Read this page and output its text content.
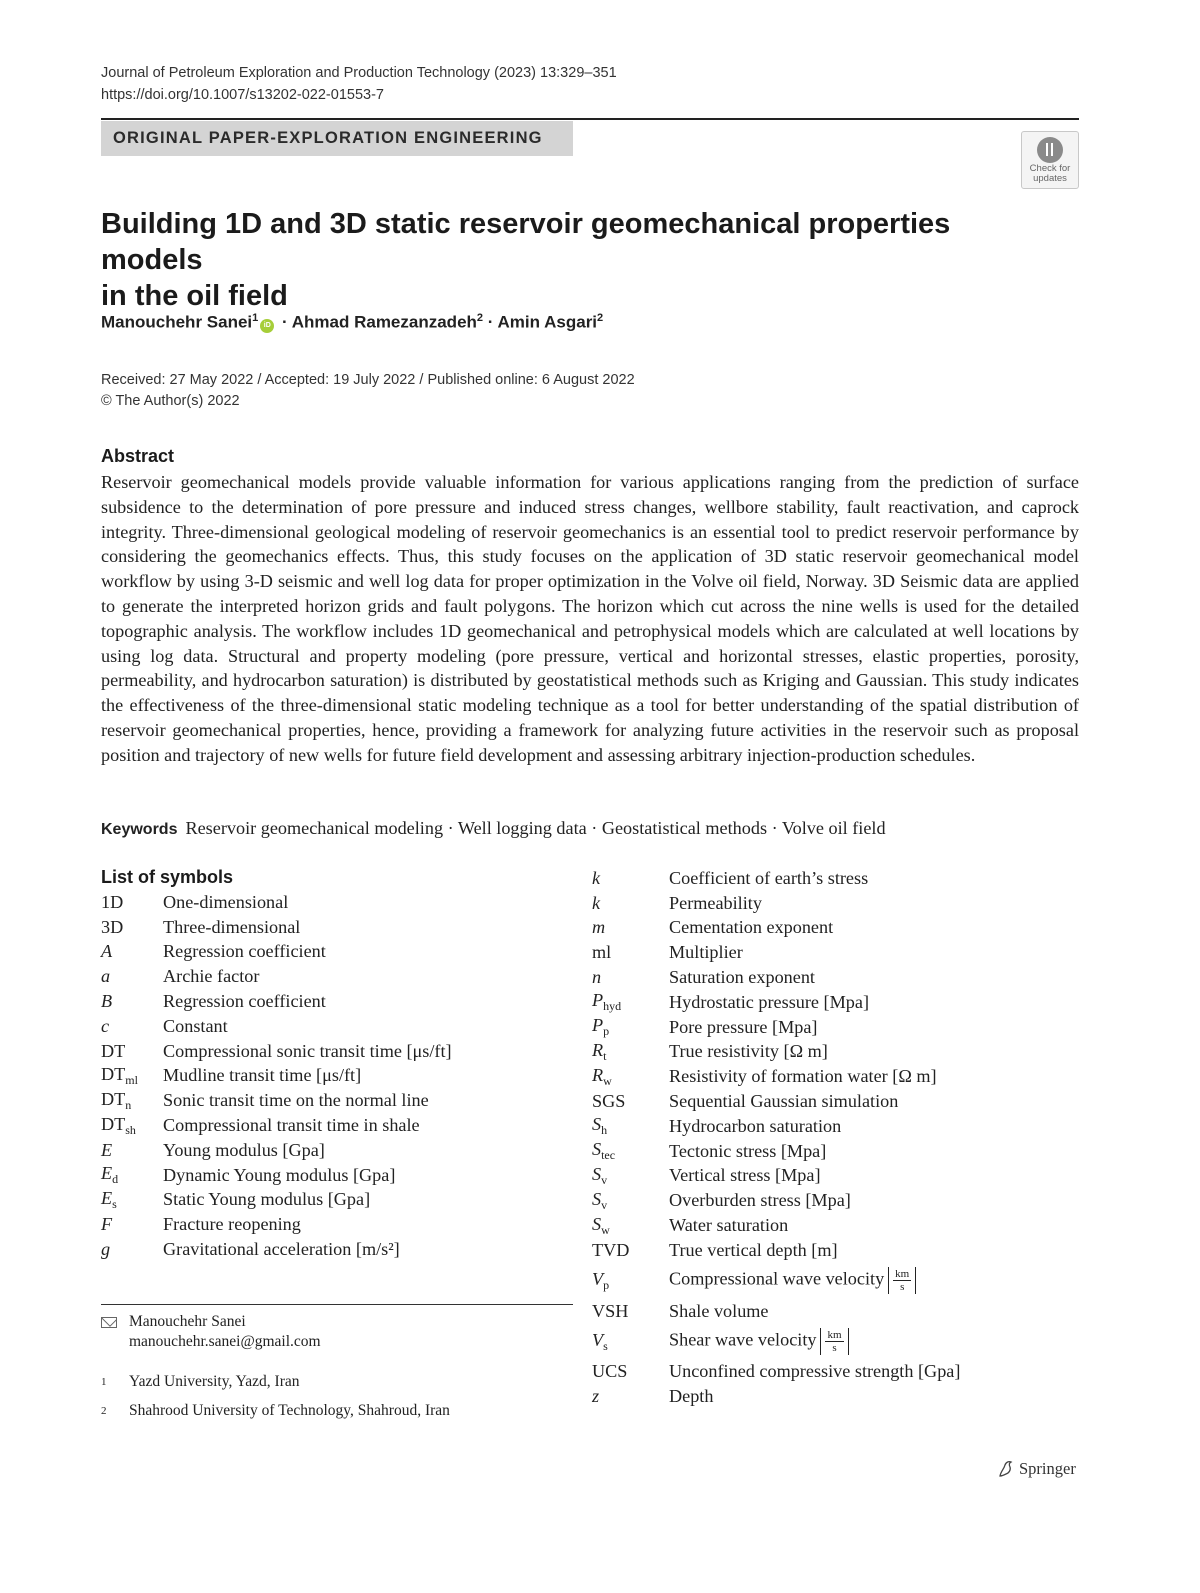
Journal of Petroleum Exploration and Production Technology (2023) 13:329–351
https://doi.org/10.1007/s13202-022-01553-7
ORIGINAL PAPER-EXPLORATION ENGINEERING
Check for
updates
Building 1D and 3D static reservoir geomechanical properties models
in the oil field
Manouchehr Sanei$^1$iD · Ahmad Ramezanzadeh$^2$ · Amin Asgari$^2$
Received: 27 May 2022 / Accepted: 19 July 2022 / Published online: 6 August 2022
© The Author(s) 2022
Abstract

Reservoir geomechanical models provide valuable information for various applications ranging from the prediction of surface subsidence to the determination of pore pressure and induced stress changes, wellbore stability, fault reactivation, and caprock integrity. Three-dimensional geological modeling of reservoir geomechanics is an essential tool to predict reservoir performance by considering the geomechanics effects. Thus, this study focuses on the application of 3D static reservoir geomechanical model workflow by using 3-D seismic and well log data for proper optimization in the Volve oil field, Norway. 3D Seismic data are applied to generate the interpreted horizon grids and fault polygons. The horizon which cut across the nine wells is used for the detailed topographic analysis. The workflow includes 1D geomechanical and petrophysical models which are calculated at well locations by using log data. Structural and property modeling (pore pressure, vertical and horizontal stresses, elastic properties, porosity, permeability, and hydrocarbon saturation) is distributed by geostatistical methods such as Kriging and Gaussian. This study indicates the effectiveness of the three-dimensional static modeling technique as a tool for better understanding of the spatial distribution of reservoir geomechanical properties, hence, providing a framework for analyzing future activities in the reservoir such as proposal position and trajectory of new wells for future field development and assessing arbitrary injection-production schedules.

Keywords Reservoir geomechanical modeling · Well logging data · Geostatistical methods · Volve oil field
List of symbols
1D	One-dimensional
3D	Three-dimensional
A	Regression coefficient
a	Archie factor
B	Regression coefficient
c	Constant
DT	Compressional sonic transit time [μs/ft]
$DT_{ml}$	Mudline transit time [μs/ft]
$DT_n$	Sonic transit time on the normal line
$DT_{sh}$	Compressional transit time in shale
E	Young modulus [Gpa]
$E_d$	Dynamic Young modulus [Gpa]
$E_s$	Static Young modulus [Gpa]
F	Fracture reopening
g	Gravitational acceleration [m/s²]
k	Coefficient of earth’s stress
k	Permeability
m	Cementation exponent
ml	Multiplier
n	Saturation exponent
$P_{hyd}$	Hydrostatic pressure [Mpa]
$P_p$	Pore pressure [Mpa]
$R_t$	True resistivity [Ω m]
$R_w$	Resistivity of formation water [Ω m]
SGS	Sequential Gaussian simulation
$S_h$	Hydrocarbon saturation
$S_{tec}$	Tectonic stress [Mpa]
$S_v$	Vertical stress [Mpa]
$S_v$	Overburden stress [Mpa]
$S_w$	Water saturation
TVD	True vertical depth [m]
$V_p$	Compressional wave velocity $\frac{km}{s}$
VSH	Shale volume
$V_s$	Shear wave velocity $\frac{km}{s}$
UCS	Unconfined compressive strength [Gpa]
z	Depth
Manouchehr Sanei
manouchehr.sanei@gmail.com
1	Yazd University, Yazd, Iran
2	Shahrood University of Technology, Shahroud, Iran
Springer
